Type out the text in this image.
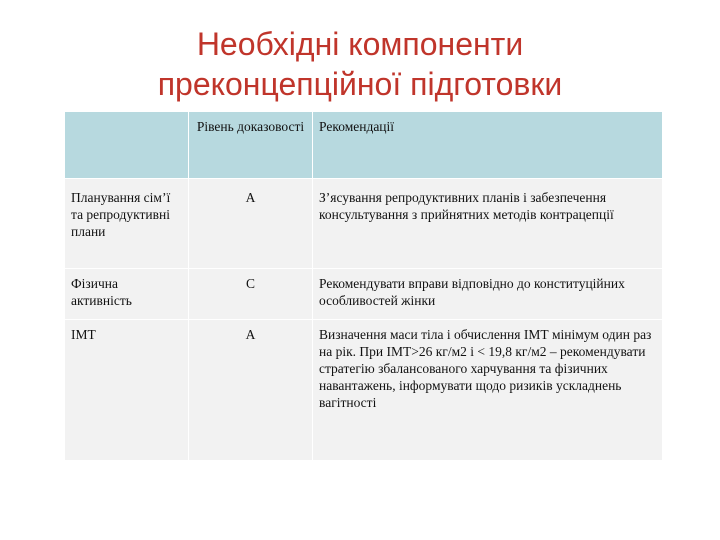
Необхідні компоненти
преконцепційної підготовки
	Рівень доказовості	Рекомендації
Планування сім’ї та репродуктивні плани	А	З’ясування репродуктивних планів і забезпечення консультування з прийнятних методів контрацепції
Фізична активність	С	Рекомендувати вправи відповідно до конституційних особливостей жінки
ІМТ	А	Визначення маси тіла і обчислення ІМТ мінімум один раз на рік. При ІМТ>26 кг/м2 і < 19,8 кг/м2 – рекомендувати стратегію збалансованого харчування та фізичних навантажень, інформувати щодо ризиків ускладнень вагітності
